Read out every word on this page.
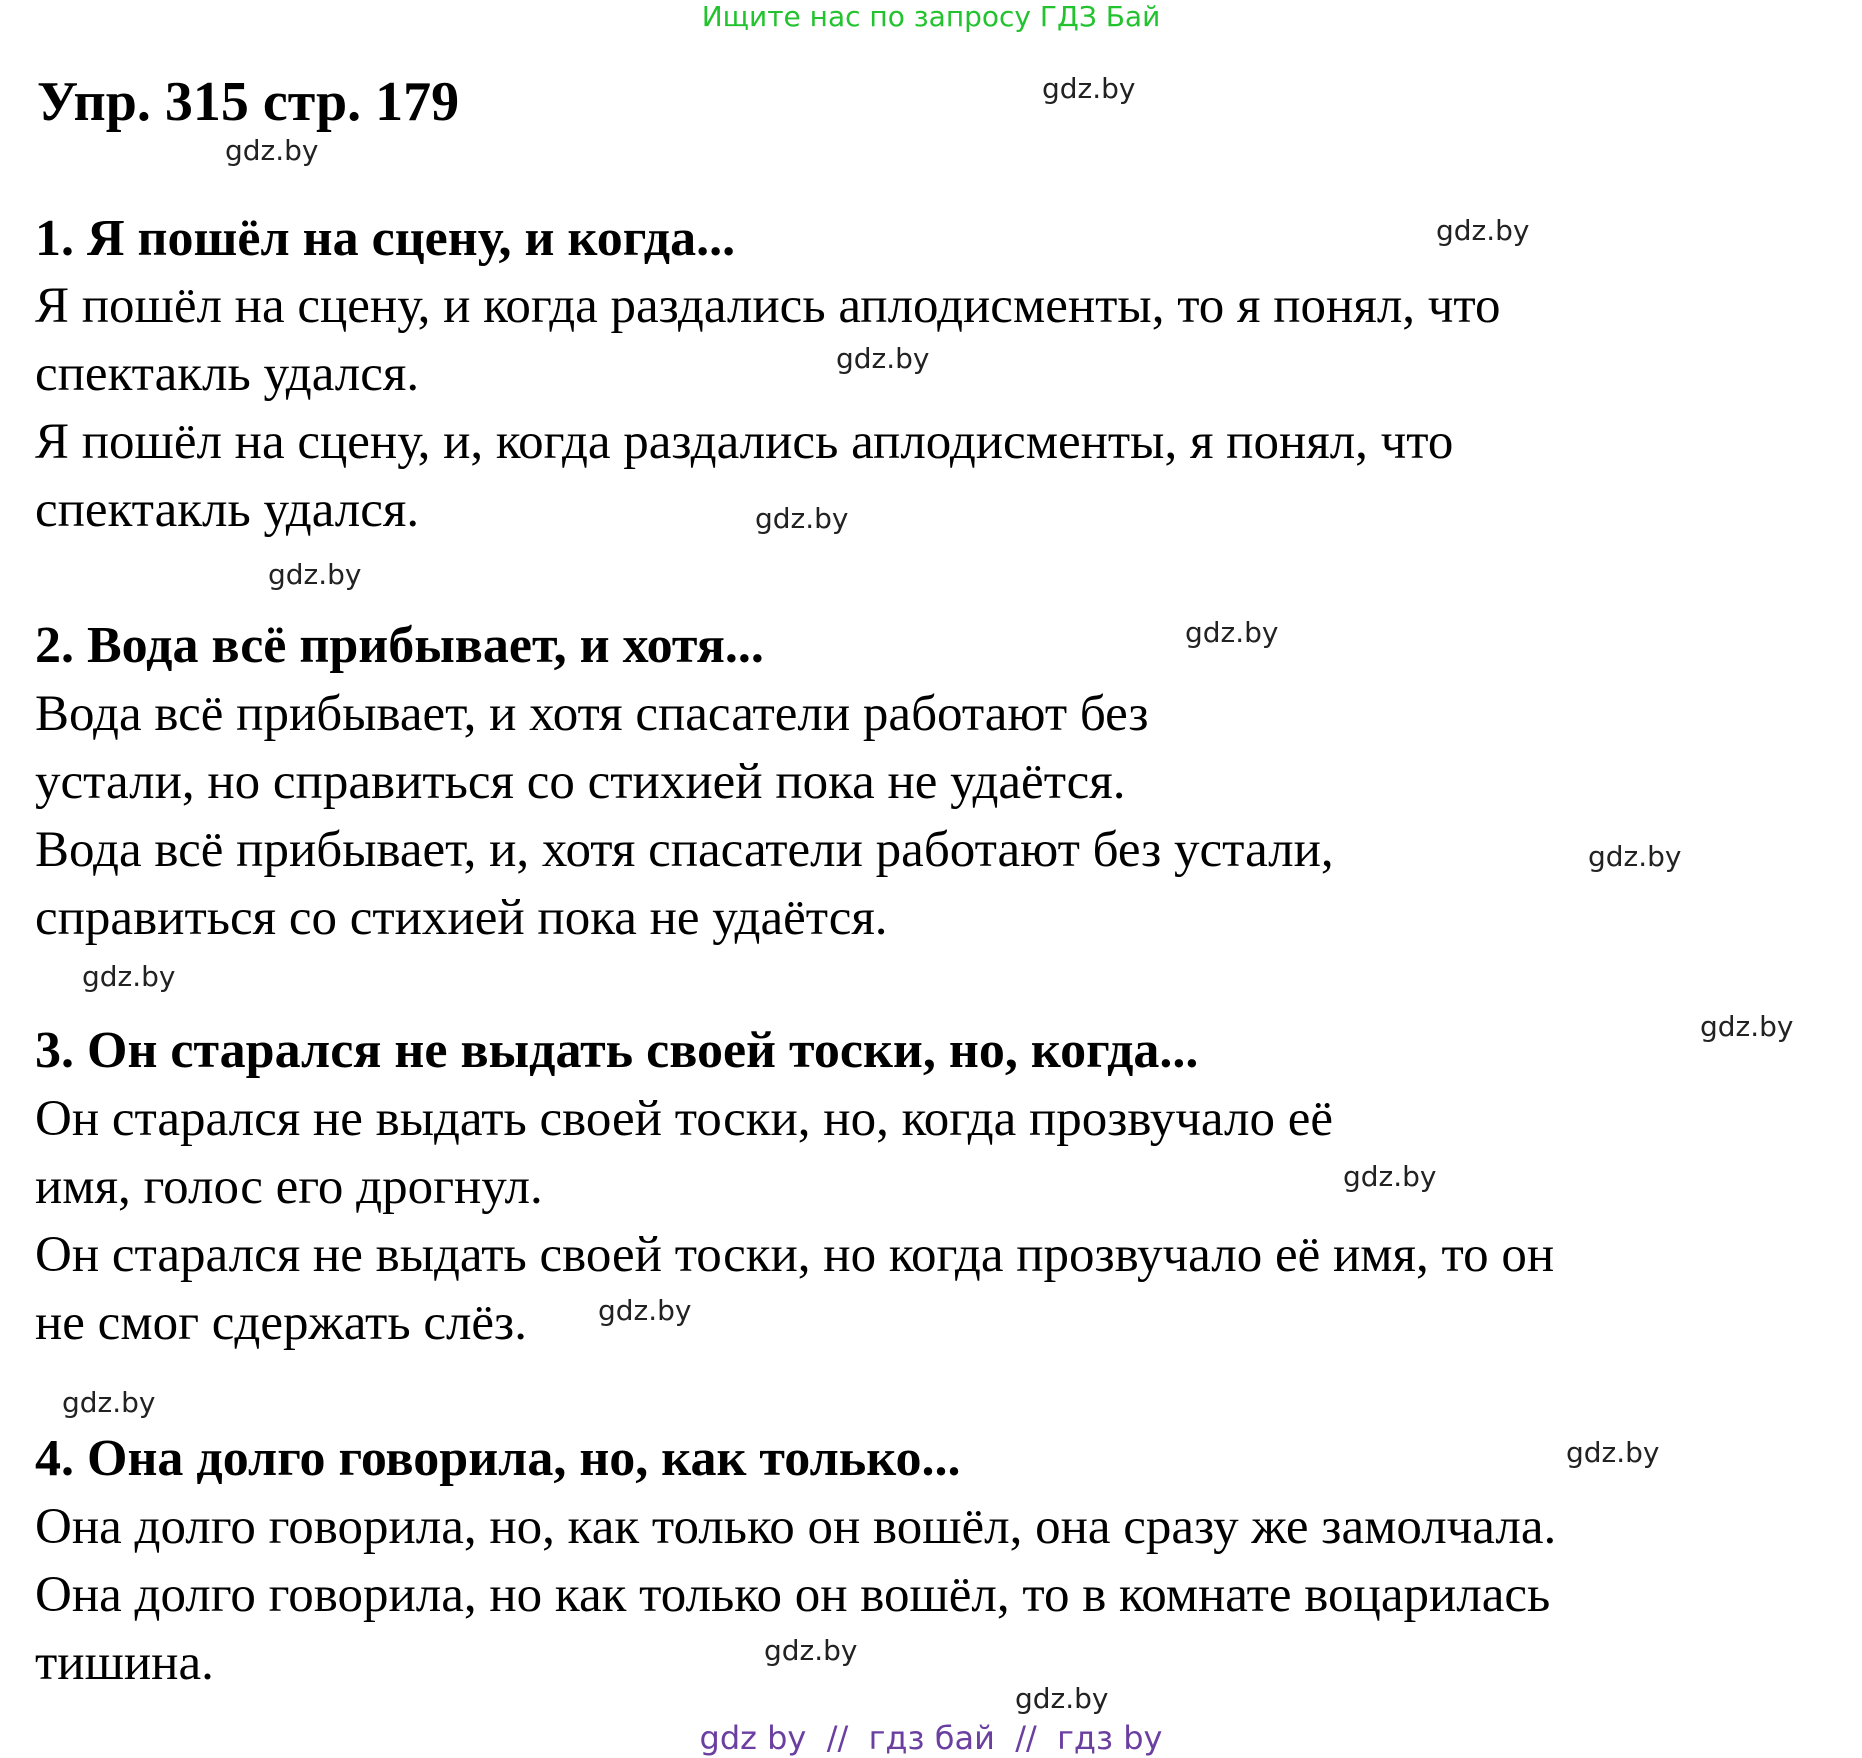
Ищите нас по запросу ГДЗ Бай
Упр. 315 стр. 179
1. Я пошёл на сцену, и когда...
Я пошёл на сцену, и когда раздались аплодисменты, то я понял, что
спектакль удался.
Я пошёл на сцену, и, когда раздались аплодисменты, я понял, что
спектакль удался.
2. Вода всё прибывает, и хотя...
Вода всё прибывает, и хотя спасатели работают без
устали, но справиться со стихией пока не удаётся.
Вода всё прибывает, и, хотя спасатели работают без устали,
справиться со стихией пока не удаётся.
3. Он старался не выдать своей тоски, но, когда...
Он старался не выдать своей тоски, но, когда прозвучало её
имя, голос его дрогнул.
Он старался не выдать своей тоски, но когда прозвучало её имя, то он
не смог сдержать слёз.
4. Она долго говорила, но, как только...
Она долго говорила, но, как только он вошёл, она сразу же замолчала.
Она долго говорила, но как только он вошёл, то в комнате воцарилась
тишина.
gdz.by
gdz.by
gdz.by
gdz.by
gdz.by
gdz.by
gdz.by
gdz.by
gdz.by
gdz.by
gdz.by
gdz.by
gdz.by
gdz.by
gdz.by
gdz.by
gdz by  //  гдз бай  //  гдз by
